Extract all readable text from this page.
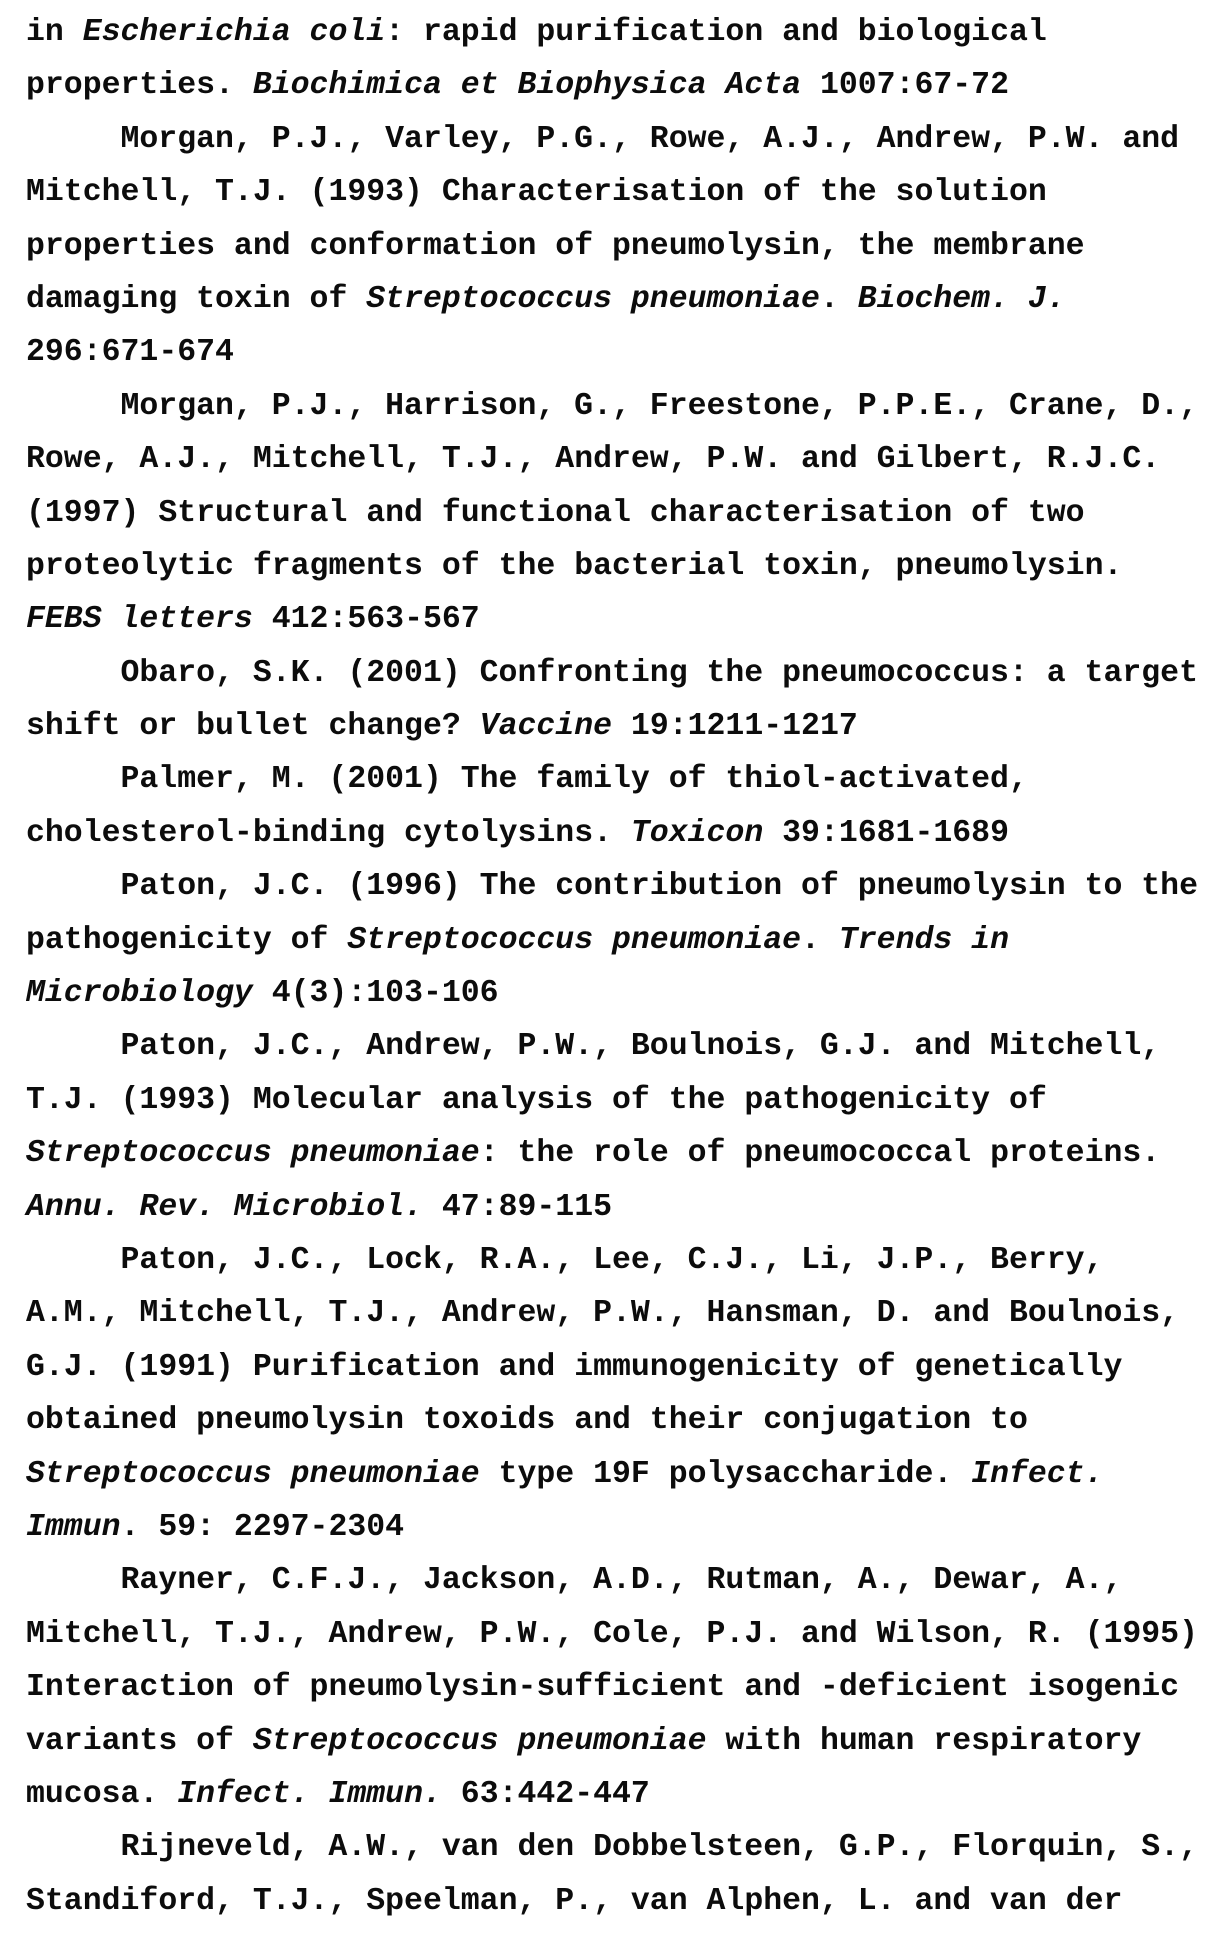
in Escherichia coli: rapid purification and biological
properties. Biochimica et Biophysica Acta 1007:67-72
Morgan, P.J., Varley, P.G., Rowe, A.J., Andrew, P.W. and
Mitchell, T.J. (1993) Characterisation of the solution
properties and conformation of pneumolysin, the membrane
damaging toxin of Streptococcus pneumoniae. Biochem. J.
296:671-674
Morgan, P.J., Harrison, G., Freestone, P.P.E., Crane, D.,
Rowe, A.J., Mitchell, T.J., Andrew, P.W. and Gilbert, R.J.C.
(1997) Structural and functional characterisation of two
proteolytic fragments of the bacterial toxin, pneumolysin.
FEBS letters 412:563-567
Obaro, S.K. (2001) Confronting the pneumococcus: a target
shift or bullet change? Vaccine 19:1211-1217
Palmer, M. (2001) The family of thiol-activated,
cholesterol-binding cytolysins. Toxicon 39:1681-1689
Paton, J.C. (1996) The contribution of pneumolysin to the
pathogenicity of Streptococcus pneumoniae. Trends in
Microbiology 4(3):103-106
Paton, J.C., Andrew, P.W., Boulnois, G.J. and Mitchell,
T.J. (1993) Molecular analysis of the pathogenicity of
Streptococcus pneumoniae: the role of pneumococcal proteins.
Annu. Rev. Microbiol. 47:89-115
Paton, J.C., Lock, R.A., Lee, C.J., Li, J.P., Berry,
A.M., Mitchell, T.J., Andrew, P.W., Hansman, D. and Boulnois,
G.J. (1991) Purification and immunogenicity of genetically
obtained pneumolysin toxoids and their conjugation to
Streptococcus pneumoniae type 19F polysaccharide. Infect.
Immun. 59: 2297-2304
Rayner, C.F.J., Jackson, A.D., Rutman, A., Dewar, A.,
Mitchell, T.J., Andrew, P.W., Cole, P.J. and Wilson, R. (1995)
Interaction of pneumolysin-sufficient and -deficient isogenic
variants of Streptococcus pneumoniae with human respiratory
mucosa. Infect. Immun. 63:442-447
Rijneveld, A.W., van den Dobbelsteen, G.P., Florquin, S.,
Standiford, T.J., Speelman, P., van Alphen, L. and van der
